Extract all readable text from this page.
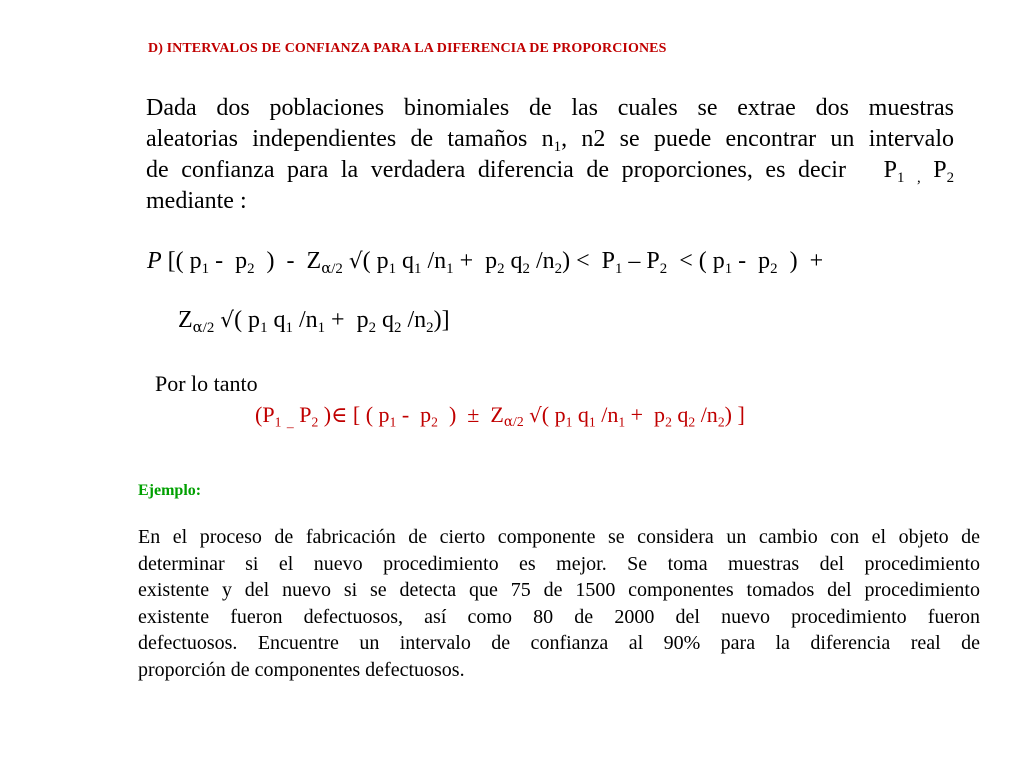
D) INTERVALOS DE CONFIANZA PARA LA DIFERENCIA DE PROPORCIONES
Dada dos poblaciones binomiales de las cuales se extrae dos muestras
aleatorias independientes de tamaños $n_1$, n2 se puede encontrar un intervalo
de confianza para la verdadera diferencia de proporciones, es decir $P_1$ $_,$ $P_2$
mediante :
P [( $p_1 - p_2$  )  -  $Z_{\alpha/2}$ √( $p_1$ $q_1$ $/n_1 + p_2$ $q_2$ $/n_2) < P_1 - P_2$  < ( $p_1 - p_2$  )  +
$Z_{\alpha/2}$ √( $p_1$ $q_1$ $/n_1 + p_2$ $q_2$ $/n_2$)]
Por lo tanto
($P_1$ $_{\_}$ $P_2$ )∈ [ ( $p_1 - p_2$  )  ±  $Z_{\alpha/2}$ √( $p_1$ $q_1$ $/n_1 + p_2$ $q_2$ $/n_2$) ]
Ejemplo:
En el proceso de fabricación de cierto componente se considera un cambio con el objeto de
determinar si el nuevo procedimiento es mejor. Se toma muestras del procedimiento
existente y del nuevo si se detecta que 75 de 1500 componentes tomados del procedimiento
existente fueron defectuosos, así como 80 de 2000 del nuevo procedimiento fueron
defectuosos. Encuentre un intervalo de confianza al 90% para la diferencia real de
proporción de componentes defectuosos.
